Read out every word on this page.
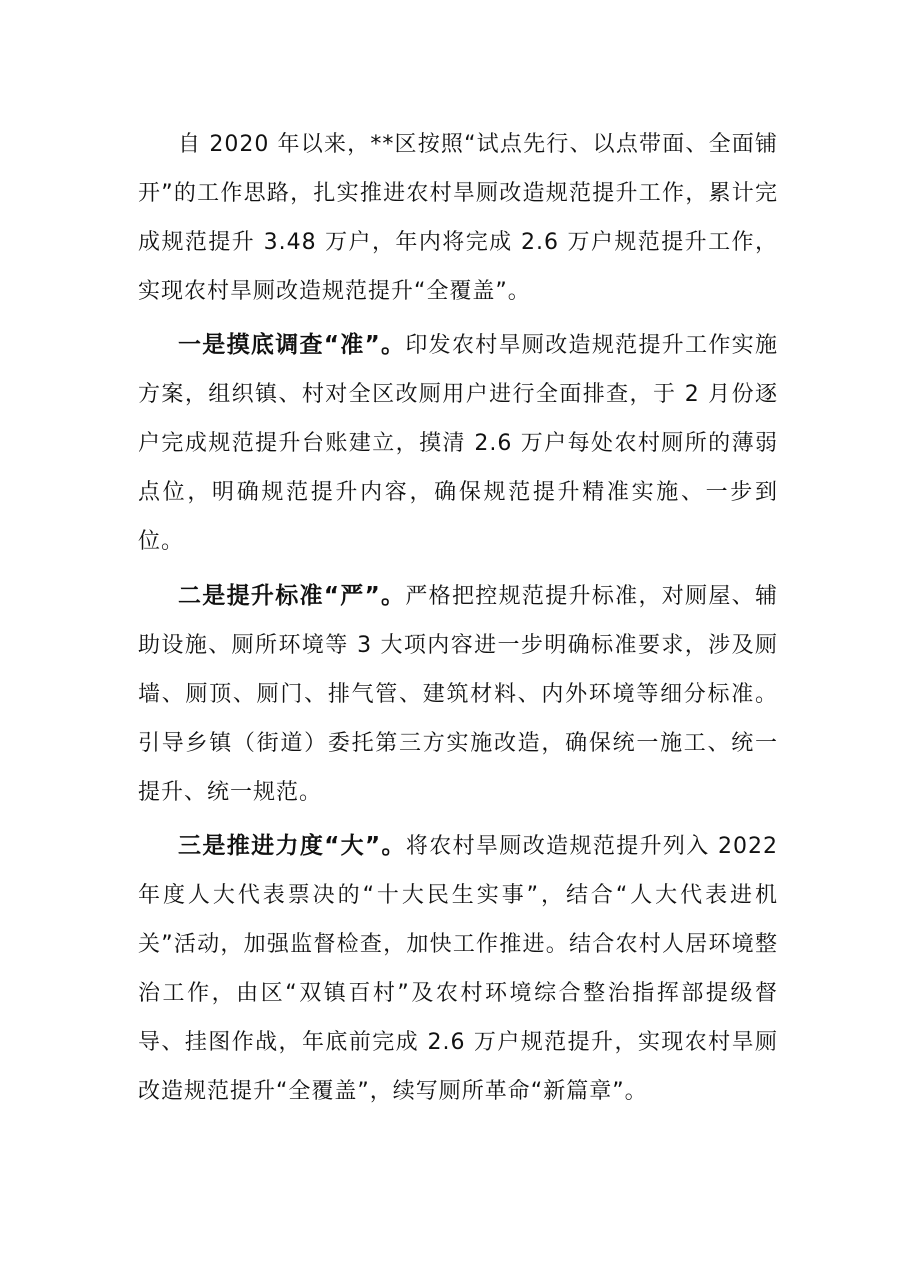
自 2020 年以来，**区按照“试点先行、以点带面、全面铺开”的工作思路，扎实推进农村旱厕改造规范提升工作，累计完成规范提升 3.48 万户，年内将完成 2.6 万户规范提升工作，实现农村旱厕改造规范提升“全覆盖”。

一是摸底调查“准”。印发农村旱厕改造规范提升工作实施方案，组织镇、村对全区改厕用户进行全面排查，于 2 月份逐户完成规范提升台账建立，摸清 2.6 万户每处农村厕所的薄弱点位，明确规范提升内容，确保规范提升精准实施、一步到位。

二是提升标准“严”。严格把控规范提升标准，对厕屋、辅助设施、厕所环境等 3 大项内容进一步明确标准要求，涉及厕墙、厕顶、厕门、排气管、建筑材料、内外环境等细分标准。引导乡镇（街道）委托第三方实施改造，确保统一施工、统一提升、统一规范。

三是推进力度“大”。将农村旱厕改造规范提升列入 2022 年度人大代表票决的“十大民生实事”，结合“人大代表进机关”活动，加强监督检查，加快工作推进。结合农村人居环境整治工作，由区“双镇百村”及农村环境综合整治指挥部提级督导、挂图作战，年底前完成 2.6 万户规范提升，实现农村旱厕改造规范提升“全覆盖”，续写厕所革命“新篇章”。
